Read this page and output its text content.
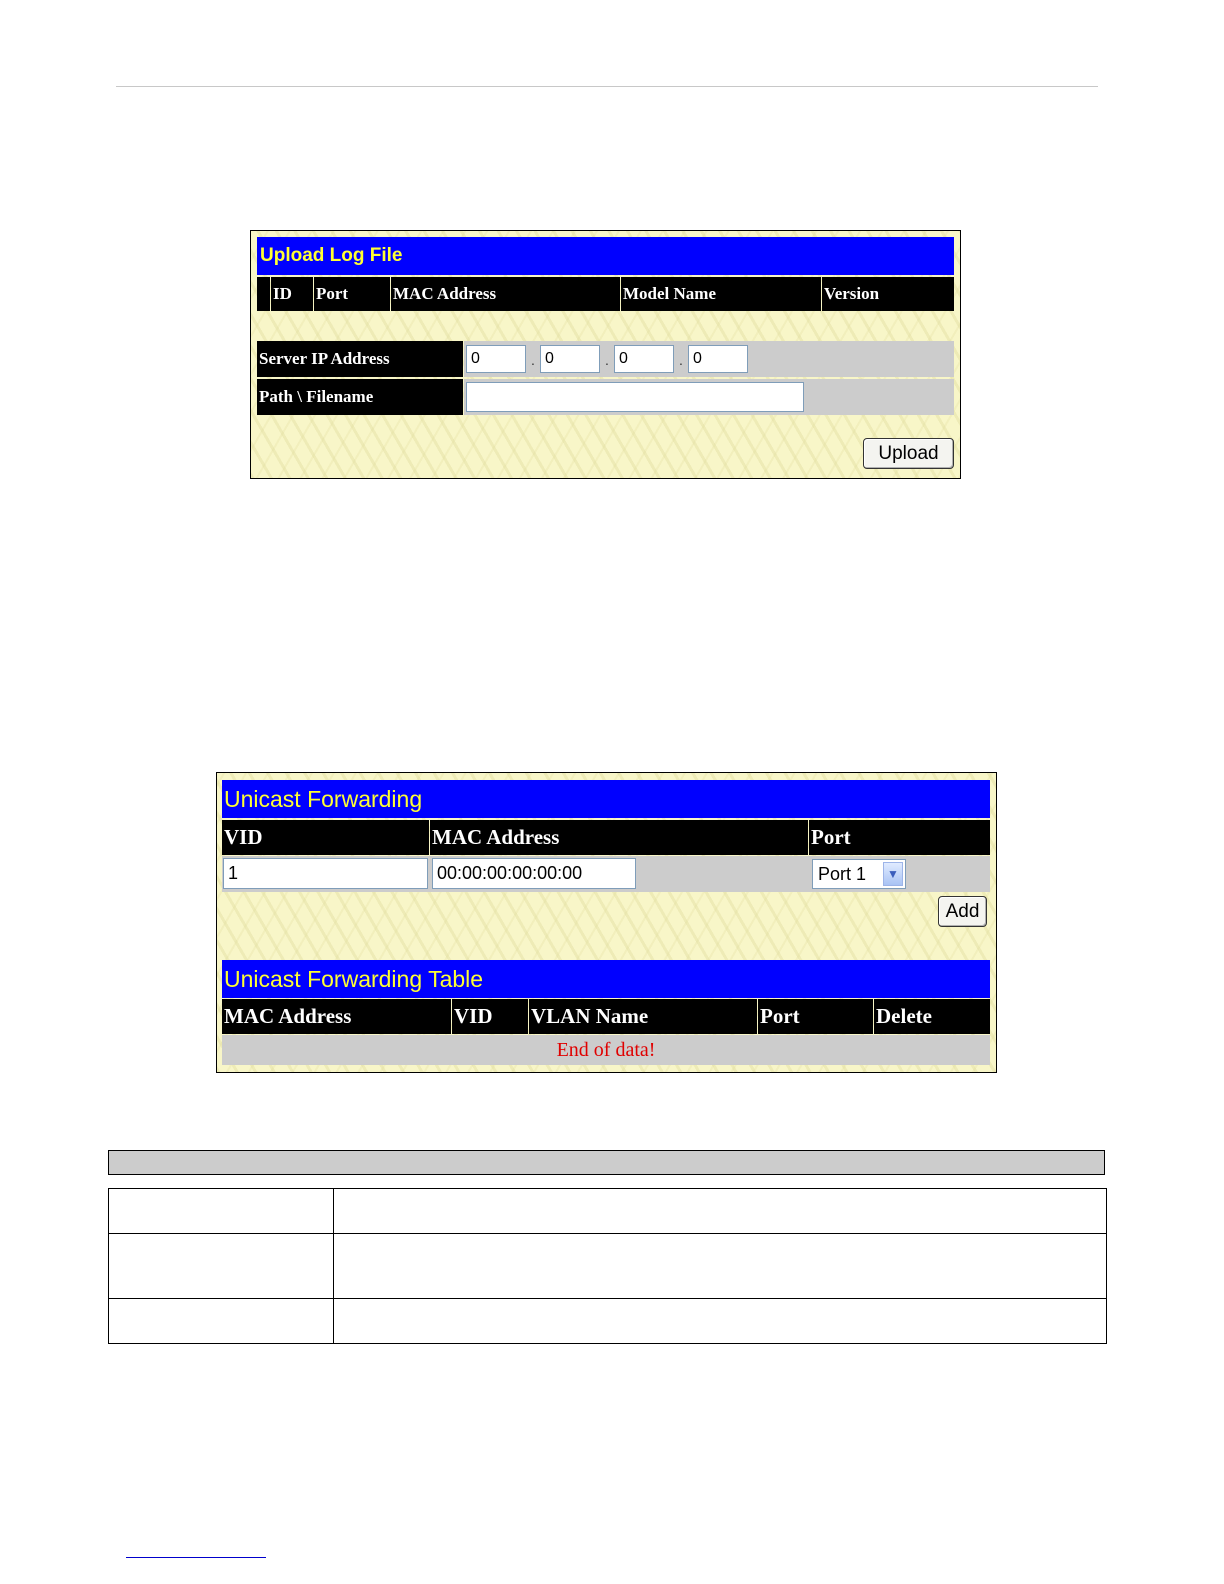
Upload Log File
ID	Port	MAC Address	Model Name	Version
Server IP Address	0	. 0	. 0	. 0
Path \ Filename
Upload
Unicast Forwarding
VID	MAC Address	Port
1	00:00:00:00:00:00	Port 1	▼
Add
Unicast Forwarding Table
MAC Address	VID	VLAN Name	Port	Delete
End of data!
